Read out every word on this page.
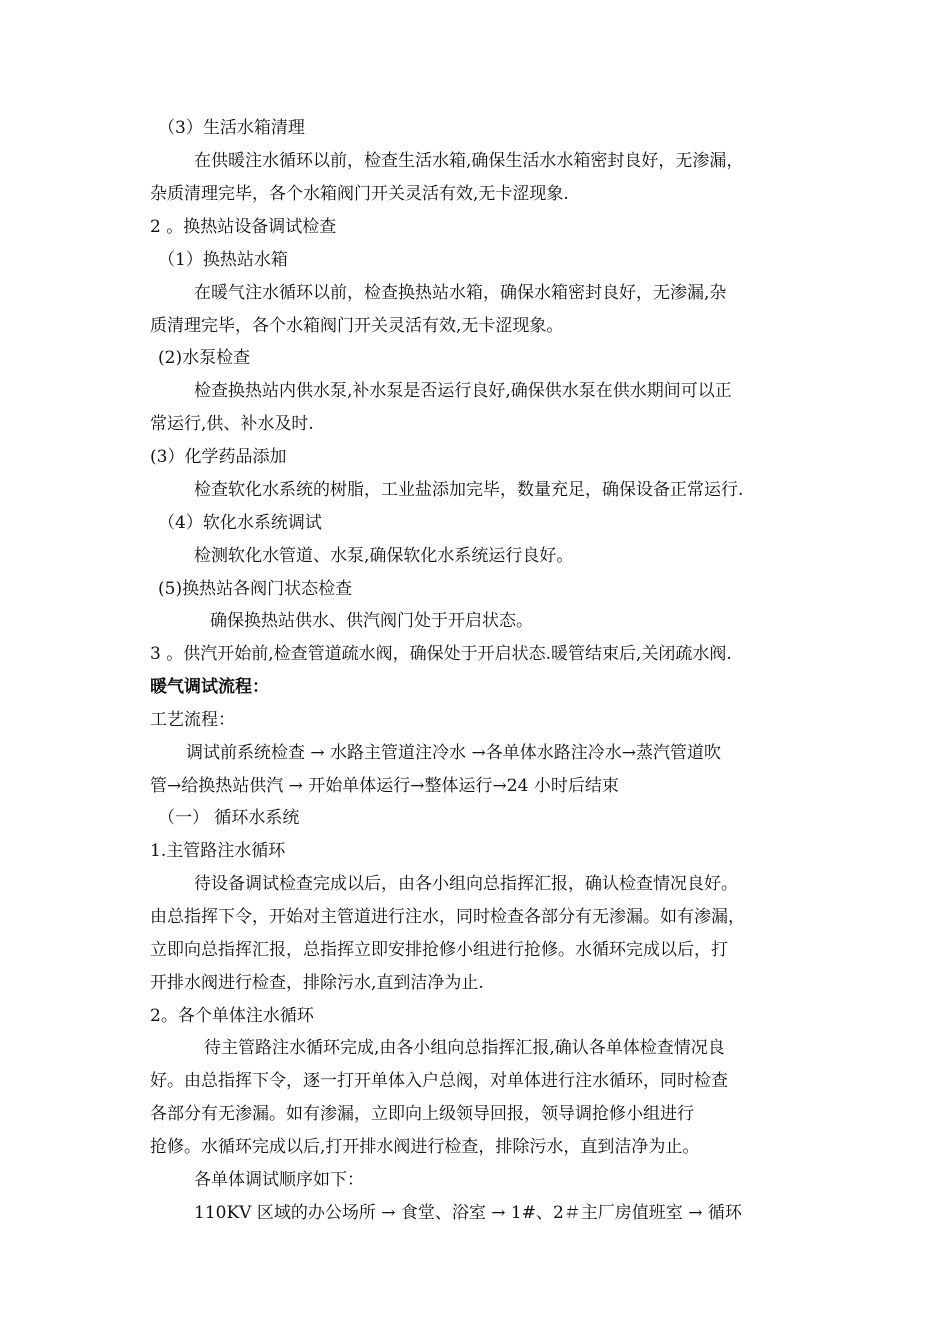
（3）生活水箱清理
在供暖注水循环以前，检查生活水箱,确保生活水水箱密封良好，无渗漏，
杂质清理完毕，各个水箱阀门开关灵活有效,无卡涩现象.
2 。换热站设备调试检查
（1）换热站水箱
在暖气注水循环以前，检查换热站水箱，确保水箱密封良好，无渗漏,杂
质清理完毕，各个水箱阀门开关灵活有效,无卡涩现象。
(2)水泵检查
检查换热站内供水泵,补水泵是否运行良好,确保供水泵在供水期间可以正
常运行,供、补水及时.
(3）化学药品添加
检查软化水系统的树脂，工业盐添加完毕，数量充足，确保设备正常运行.
（4）软化水系统调试
检测软化水管道、水泵,确保软化水系统运行良好。
(5)换热站各阀门状态检查
确保换热站供水、供汽阀门处于开启状态。
3 。供汽开始前,检查管道疏水阀，确保处于开启状态.暖管结束后,关闭疏水阀.
暖气调试流程：
工艺流程：
调试前系统检查 → 水路主管道注冷水 →各单体水路注冷水→蒸汽管道吹
管→给换热站供汽 → 开始单体运行→整体运行→24 小时后结束
（一） 循环水系统
1.主管路注水循环
待设备调试检查完成以后，由各小组向总指挥汇报，确认检查情况良好。
由总指挥下令，开始对主管道进行注水，同时检查各部分有无渗漏。如有渗漏，
立即向总指挥汇报，总指挥立即安排抢修小组进行抢修。水循环完成以后，打
开排水阀进行检查，排除污水,直到洁净为止.
2。各个单体注水循环
待主管路注水循环完成,由各小组向总指挥汇报,确认各单体检查情况良
好。由总指挥下令，逐一打开单体入户总阀，对单体进行注水循环，同时检查
各部分有无渗漏。如有渗漏，立即向上级领导回报，领导调抢修小组进行
抢修。水循环完成以后,打开排水阀进行检查，排除污水，直到洁净为止。
各单体调试顺序如下：
110KV 区域的办公场所 → 食堂、浴室 → 1#、2＃主厂房值班室 → 循环
